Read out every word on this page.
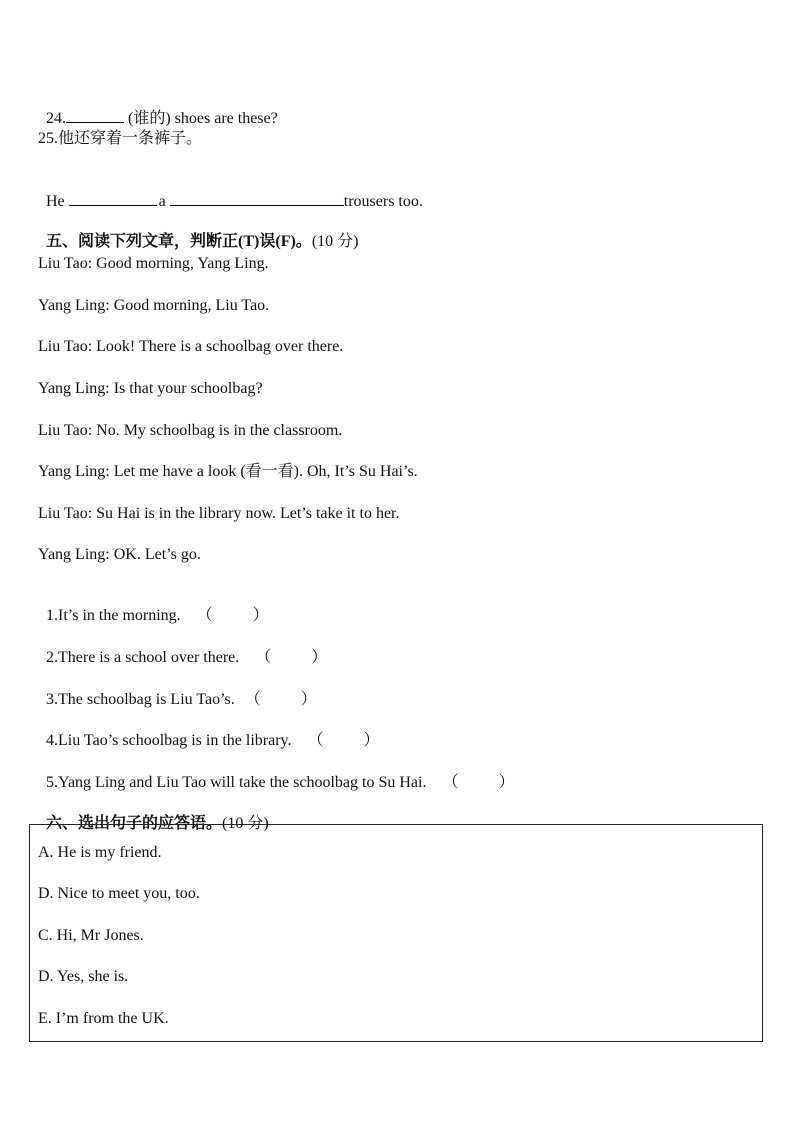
24.	(谁的) shoes are these?

25.他还穿着一条裤子。

He	a	trousers too.

五、阅读下列文章，判断正(T)误(F)。(10 分)

Liu Tao: Good morning, Yang Ling.
Yang Ling: Good morning, Liu Tao.
Liu Tao: Look! There is a schoolbag over there.
Yang Ling: Is that your schoolbag?
Liu Tao: No. My schoolbag is in the classroom.
Yang Ling: Let me have a look (看一看). Oh, It’s Su Hai’s.
Liu Tao: Su Hai is in the library now. Let’s take it to her.
Yang Ling: OK. Let’s go.

1.It’s in the morning. （	）

2.There is a school over there. （	）

3.The schoolbag is Liu Tao’s. （	）

4.Liu Tao’s schoolbag is in the library. （	）

5.Yang Ling and Liu Tao will take the schoolbag to Su Hai. （	）

六、选出句子的应答语。(10 分)

A. He is my friend.
D. Nice to meet you, too.
C. Hi, Mr Jones.
D. Yes, she is.
E. I’m from the UK.
